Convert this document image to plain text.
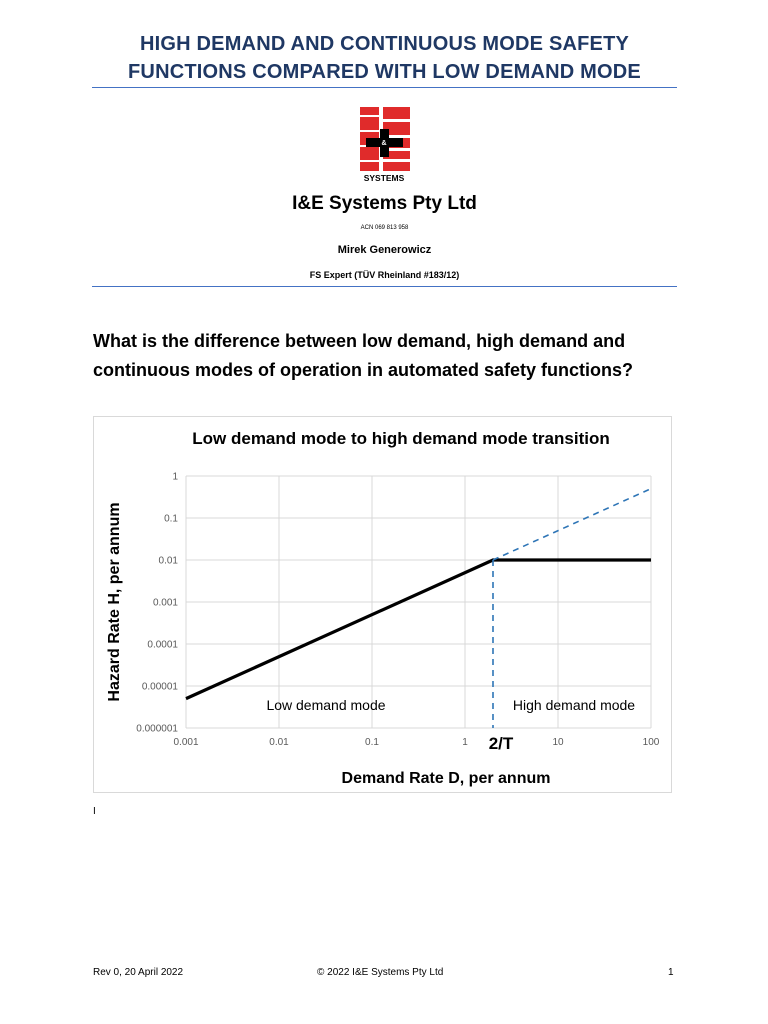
HIGH DEMAND AND CONTINUOUS MODE SAFETY
FUNCTIONS COMPARED WITH LOW DEMAND MODE
&
SYSTEMS
I&E Systems Pty Ltd
ACN 069 813 958
Mirek Generowicz
FS Expert (TÜV Rheinland #183/12)
What is the difference between low demand, high demand and
continuous modes of operation in automated safety functions?
0.001	0.01	0.1	1	10	100
0.000001
0.00001
0.0001
0.001
0.01
0.1
1
Low demand mode to high demand mode transition
Demand Rate D, per annum
Hazard Rate H, per annum
Low demand mode	High demand mode
2/T
I
Rev 0, 20 April 2022	© 2022 I&E Systems Pty Ltd	1
